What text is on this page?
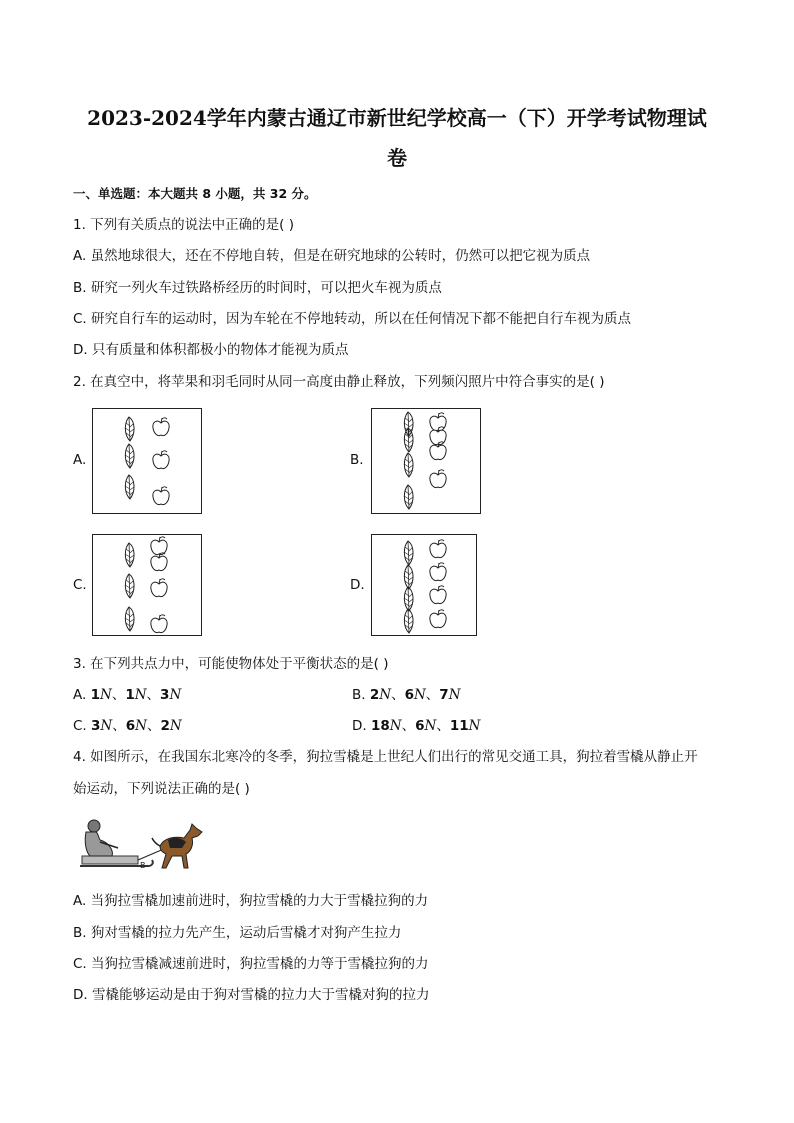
2023-2024学年内蒙古通辽市新世纪学校高一（下）开学考试物理试
卷
一、单选题：本大题共 8 小题，共 32 分。
1. 下列有关质点的说法中正确的是( )
A. 虽然地球很大，还在不停地自转，但是在研究地球的公转时，仍然可以把它视为质点
B. 研究一列火车过铁路桥经历的时间时，可以把火车视为质点
C. 研究自行车的运动时，因为车轮在不停地转动，所以在任何情况下都不能把自行车视为质点
D. 只有质量和体积都极小的物体才能视为质点
2. 在真空中，将苹果和羽毛同时从同一高度由静止释放，下列频闪照片中符合事实的是( )
A.	B.
C.	D.
3. 在下列共点力中，可能使物体处于平衡状态的是( )
A. 1N、1N、3N	B. 2N、6N、7N
C. 3N、6N、2N	D. 18N、6N、11N
4. 如图所示，在我国东北寒冷的冬季，狗拉雪橇是上世纪人们出行的常见交通工具，狗拉着雪橇从静止开
始运动，下列说法正确的是( )
B
A. 当狗拉雪橇加速前进时，狗拉雪橇的力大于雪橇拉狗的力
B. 狗对雪橇的拉力先产生，运动后雪橇才对狗产生拉力
C. 当狗拉雪橇减速前进时，狗拉雪橇的力等于雪橇拉狗的力
D. 雪橇能够运动是由于狗对雪橇的拉力大于雪橇对狗的拉力
